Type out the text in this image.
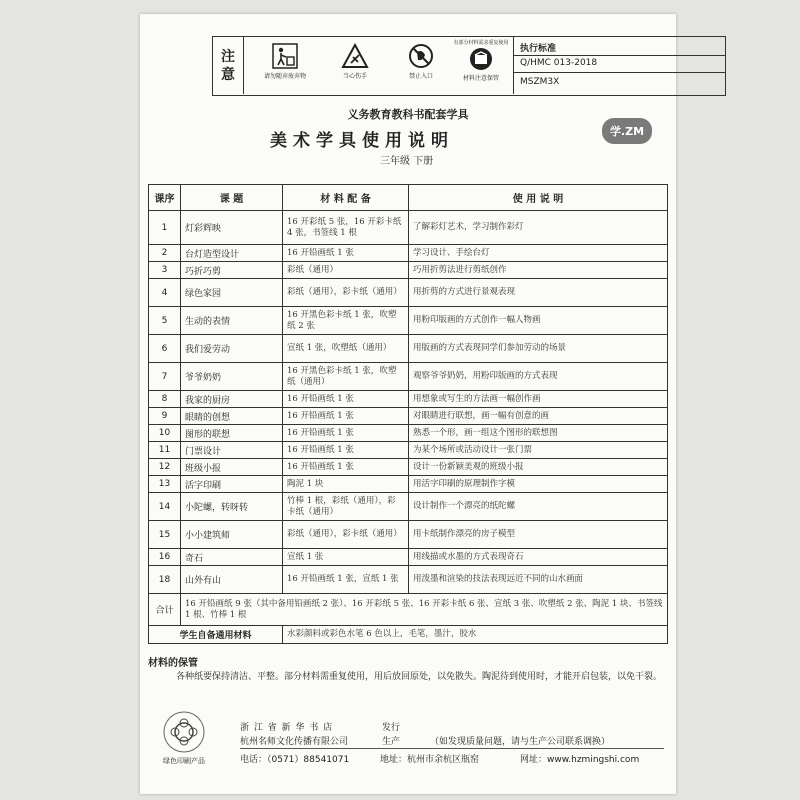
注
意	请勿随弃废弃物	当心伤手	禁止入口
有部分材料需求重复使用
材料注意保管
执行标准
Q/HMC 013-2018
MSZM3X
义务教育教科书配套学具
美术学具使用说明
三年级 下册
学.ZM
课序	课 题	材 料 配 备	使 用 说 明
1	灯彩辉映	16 开彩纸 5 张，16 开彩卡纸 4 张，书签线 1 根	了解彩灯艺术，学习制作彩灯
2	台灯造型设计	16 开铅画纸 1 张	学习设计、手绘台灯
3	巧折巧剪	彩纸（通用）	巧用折剪法进行剪纸创作
4	绿色家园	彩纸（通用），彩卡纸（通用）	用折剪的方式进行景观表现
5	生动的表情	16 开黑色彩卡纸 1 张，吹塑纸 2 张	用粉印版画的方式创作一幅人物画
6	我们爱劳动	宣纸 1 张，吹塑纸（通用）	用版画的方式表现同学们参加劳动的场景
7	爷爷奶奶	16 开黑色彩卡纸 1 张，吹塑纸（通用）	观察爷爷奶奶，用粉印版画的方式表现
8	我家的厨房	16 开铅画纸 1 张	用想象或写生的方法画一幅创作画
9	眼睛的创想	16 开铅画纸 1 张	对眼睛进行联想，画一幅有创意的画
10	图形的联想	16 开铅画纸 1 张	熟悉一个形，画一组这个图形的联想图
11	门票设计	16 开铅画纸 1 张	为某个场所或活动设计一张门票
12	班级小报	16 开铅画纸 1 张	设计一份新颖美观的班级小报
13	活字印刷	陶泥 1 块	用活字印刷的原理制作字模
14	小陀螺，转呀转	竹棒 1 根，彩纸（通用），彩卡纸（通用）	设计制作一个漂亮的纸陀螺
15	小小建筑师	彩纸（通用），彩卡纸（通用）	用卡纸制作漂亮的房子模型
16	奇石	宣纸 1 张	用线描或水墨的方式表现奇石
18	山外有山	16 开铅画纸 1 张，宣纸 1 张	用泼墨和渲染的技法表现远近不同的山水画面
合计	16 开铅画纸 9 张（其中备用铅画纸 2 张）、16 开彩纸 5 张、16 开彩卡纸 6 张、宣纸 3 张、吹塑纸 2 张、陶泥 1 块、书签线 1 根、竹棒 1 根		
学生自备通用材料		水彩颜料或彩色水笔 6 色以上，毛笔，墨汁，胶水	
材料的保管
各种纸要保持清洁、平整。部分材料需重复使用，用后放回原处，以免散失。陶泥待到使用时，才能开启包装，以免干裂。
绿色印刷产品
浙 江 省 新 华 书 店	发行
杭州名师文化传播有限公司	生产	（如发现质量问题，请与生产公司联系调换）
电话：（0571）88541071	地址：杭州市余杭区瓶窑	网址：www.hzmingshi.com
